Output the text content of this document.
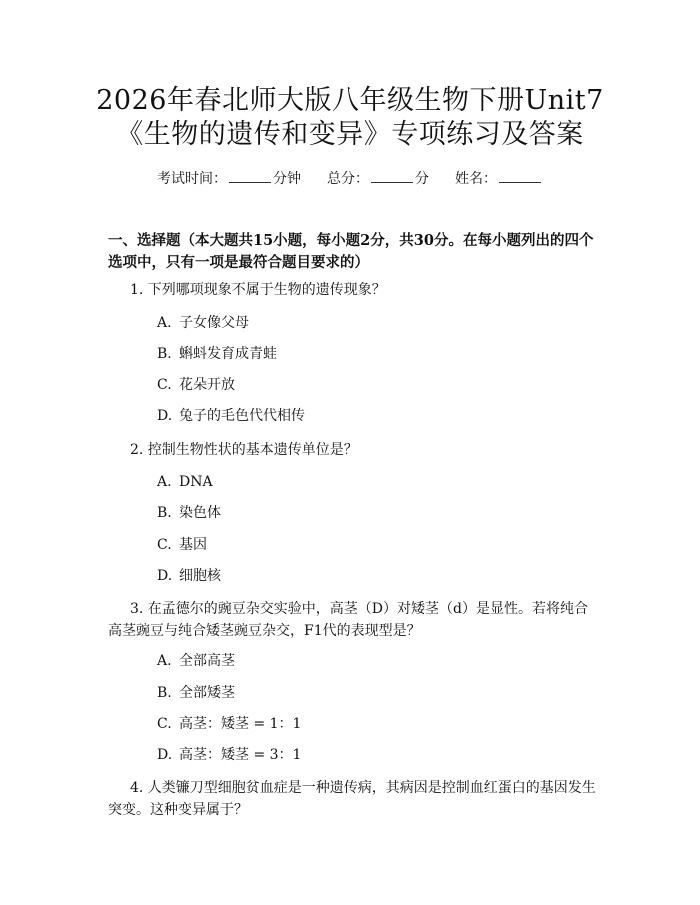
2026年春北师大版八年级生物下册Unit7
《生物的遗传和变异》专项练习及答案
考试时间：	分钟 总分：	分 姓名：
一、选择题（本大题共15小题，每小题2分，共30分。在每小题列出的四个选项中，只有一项是最符合题目要求的）
1. 下列哪项现象不属于生物的遗传现象？
A. 子女像父母
B. 蝌蚪发育成青蛙
C. 花朵开放
D. 兔子的毛色代代相传
2. 控制生物性状的基本遗传单位是？
A. DNA
B. 染色体
C. 基因
D. 细胞核
3. 在孟德尔的豌豆杂交实验中，高茎（D）对矮茎（d）是显性。若将纯合高茎豌豆与纯合矮茎豌豆杂交，F1代的表现型是？
A. 全部高茎
B. 全部矮茎
C. 高茎：矮茎 = 1：1
D. 高茎：矮茎 = 3：1
4. 人类镰刀型细胞贫血症是一种遗传病，其病因是控制血红蛋白的基因发生突变。这种变异属于？
